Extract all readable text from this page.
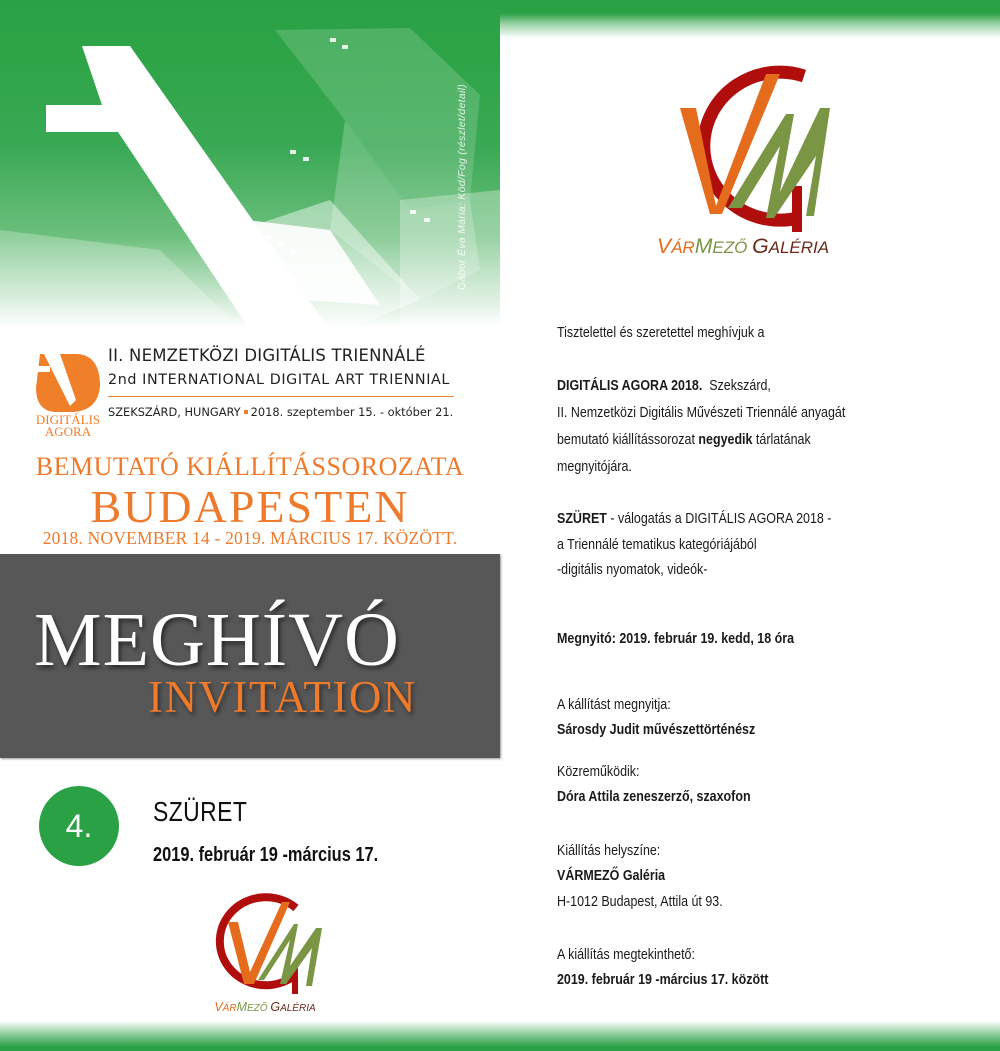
Gábor Éva Mária: Köd/Fog (részlet/detail)
DIGITÁLIS
AGORA
II. NEMZETKÖZI DIGITÁLIS TRIENNÁLÉ
2nd INTERNATIONAL DIGITAL ART TRIENNIAL
SZEKSZÁRD, HUNGARY 2018. szeptember 15. - október 21.
BEMUTATÓ KIÁLLÍTÁSSOROZATA
BUDAPESTEN
2018. NOVEMBER 14 - 2019. MÁRCIUS 17. KÖZÖTT.
MEGHÍVÓ
INVITATION
4.	SZÜRET
2019. február 19 -március 17.
VÁRMEZŐ GALÉRIA
VÁRMEZŐ GALÉRIA
Tisztelettel és szeretettel meghívjuk a
DIGITÁLIS AGORA 2018.  Szekszárd,
II. Nemzetközi Digitális Művészeti Triennálé anyagát
bemutató kiállítássorozat negyedik tárlatának
megnyitójára.
SZÜRET - válogatás a DIGITÁLIS AGORA 2018 -
a Triennálé tematikus kategóriájából
-digitális nyomatok, videók-
Megnyitó: 2019. február 19. kedd, 18 óra
A kállítást megnyitja:
Sárosdy Judit művészettörténész
Közreműködik:
Dóra Attila zeneszerző, szaxofon
Kiállítás helyszíne:
VÁRMEZŐ Galéria
H-1012 Budapest, Attila út 93.
A kiállítás megtekinthető:
2019. február 19 -március 17. között
